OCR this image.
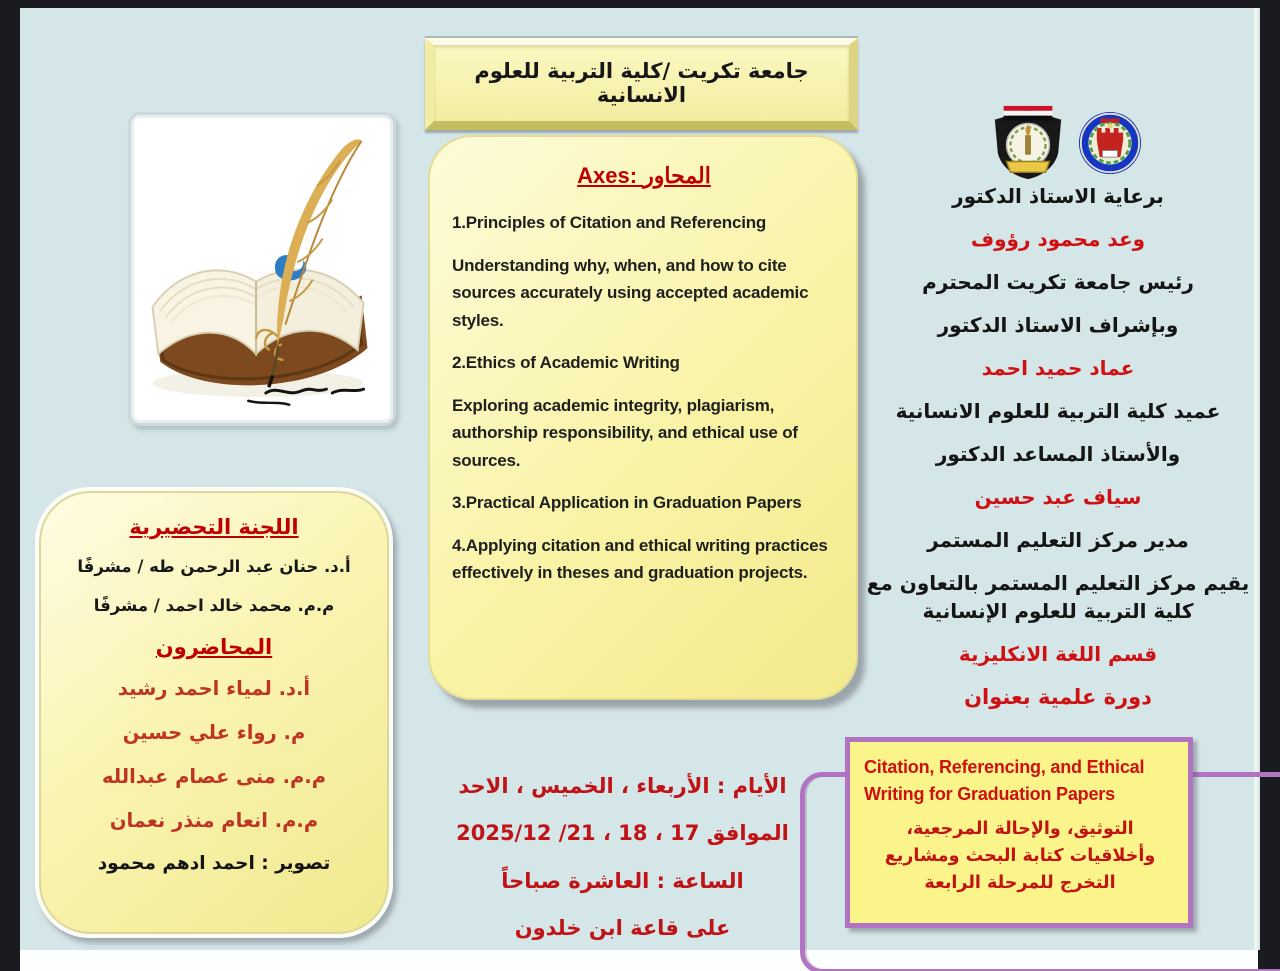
جامعة تكريت /كلية التربية للعلوم الانسانية
Axes: المحاور

1.Principles of Citation and Referencing

Understanding why, when, and how to cite sources accurately using accepted academic styles.

2.Ethics of Academic Writing

Exploring academic integrity, plagiarism, authorship responsibility, and ethical use of sources.

3.Practical Application in Graduation Papers

4.Applying citation and ethical writing practices effectively in theses and graduation projects.

برعاية الاستاذ الدكتور
وعد محمود رؤوف
رئيس جامعة تكريت المحترم
وبإشراف الاستاذ الدكتور
عماد حميد احمد
عميد كلية التربية للعلوم الانسانية
والأستاذ المساعد الدكتور
سياف عبد حسين
مدير مركز التعليم المستمر
يقيم مركز التعليم المستمر بالتعاون مع كلية التربية للعلوم الإنسانية
قسم اللغة الانكليزية
دورة علمية بعنوان
اللجنة التحضيرية
أ.د. حنان عبد الرحمن طه / مشرفًا
م.م. محمد خالد احمد / مشرفًا
المحاضرون
أ.د. لمياء احمد رشيد
م. رواء علي حسين
م.م. منى عصام عبدالله
م.م. انعام منذر نعمان
تصوير : احمد ادهم محمود
الأيام : الأربعاء ، الخميس ، الاحد
الموافق 17 ، 18 ، 21/ 2025/12
الساعة : العاشرة صباحاً
على قاعة ابن خلدون

Citation, Referencing, and Ethical Writing for Graduation Papers

التوثيق، والإحالة المرجعية، وأخلاقيات كتابة البحث ومشاريع التخرج للمرحلة الرابعة
